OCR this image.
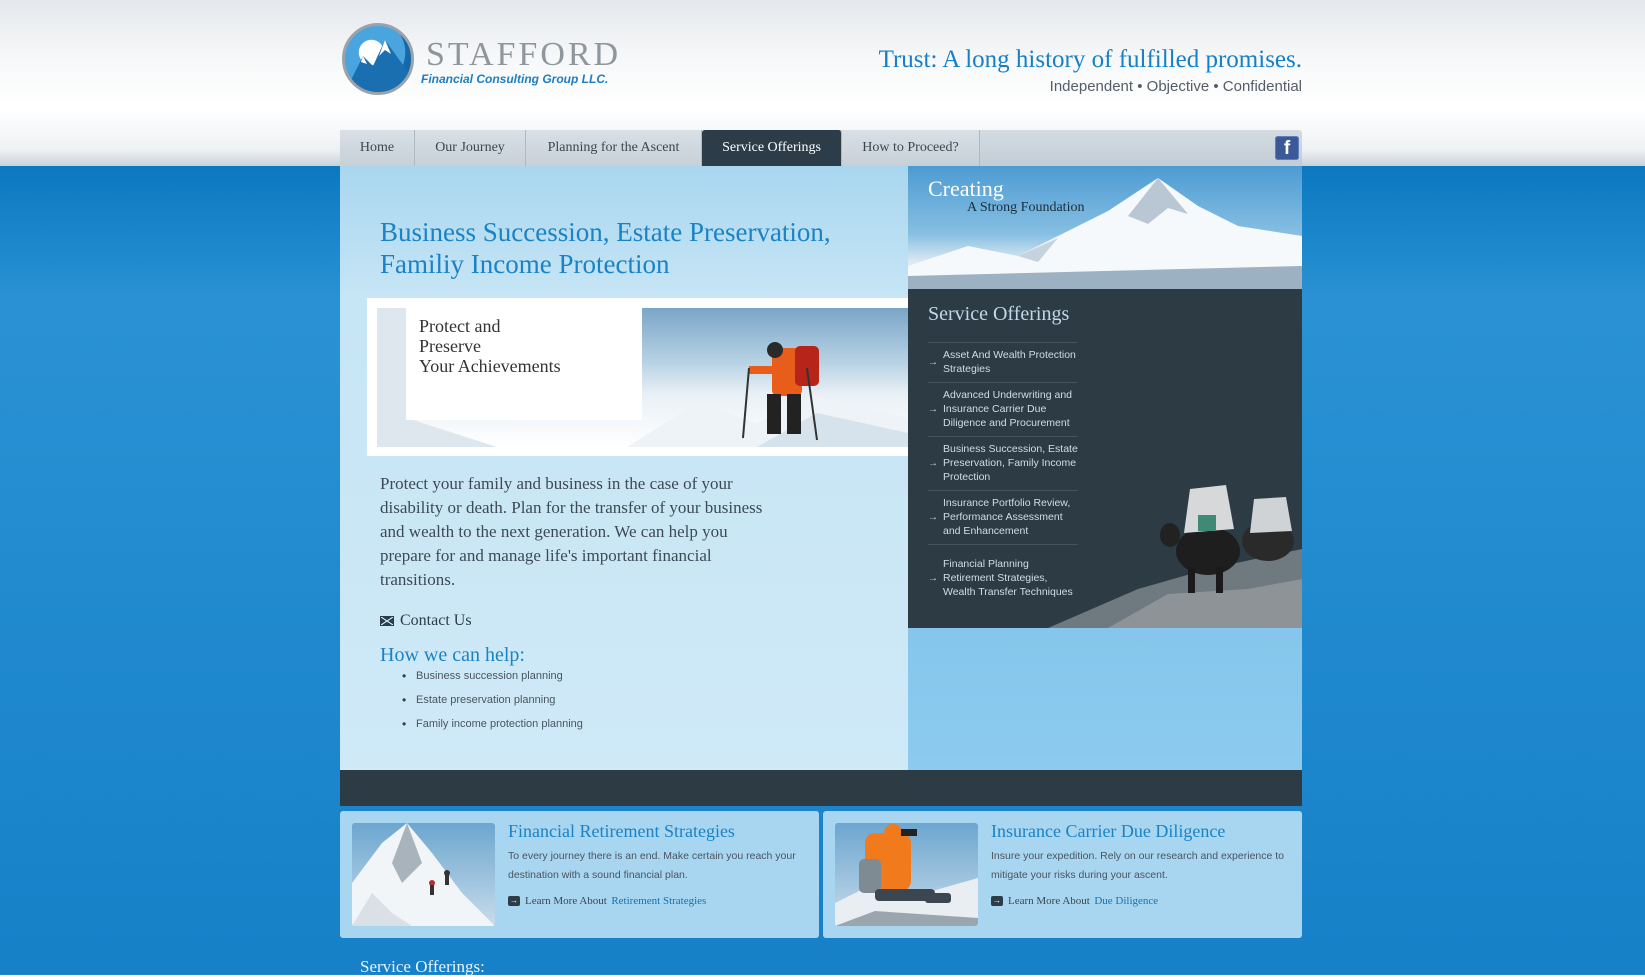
STAFFORD
Financial Consulting Group LLC.
Trust: A long history of fulfilled promises.
Independent • Objective • Confidential
Home	Our Journey	Planning for the Ascent	Service Offerings	How to Proceed?	f
Business Succession, Estate Preservation,
Familiy Income Protection
Protect and
Preserve
Your Achievements

Protect your family and business in the case of your disability or death. Plan for the transfer of your business and wealth to the next generation. We can help you prepare for and manage life's important financial transitions.

Contact Us
How we can help:
• Business succession planning
• Estate preservation planning
• Family income protection planning
Creating
A Strong Foundation
Service Offerings
→
Asset And Wealth Protection Strategies
→
Advanced Underwriting and Insurance Carrier Due Diligence and Procurement
→
Business Succession, Estate Preservation, Family Income Protection
→
Insurance Portfolio Review, Performance Assessment and Enhancement
→
Financial Planning Retirement Strategies, Wealth Transfer Techniques
Financial Retirement Strategies

To every journey there is an end. Make certain you reach your destination with a sound financial plan.

→ Learn More About Retirement Strategies
Insurance Carrier Due Diligence

Insure your expedition. Rely on our research and experience to mitigate your risks during your ascent.

→ Learn More About Due Diligence
Service Offerings:
